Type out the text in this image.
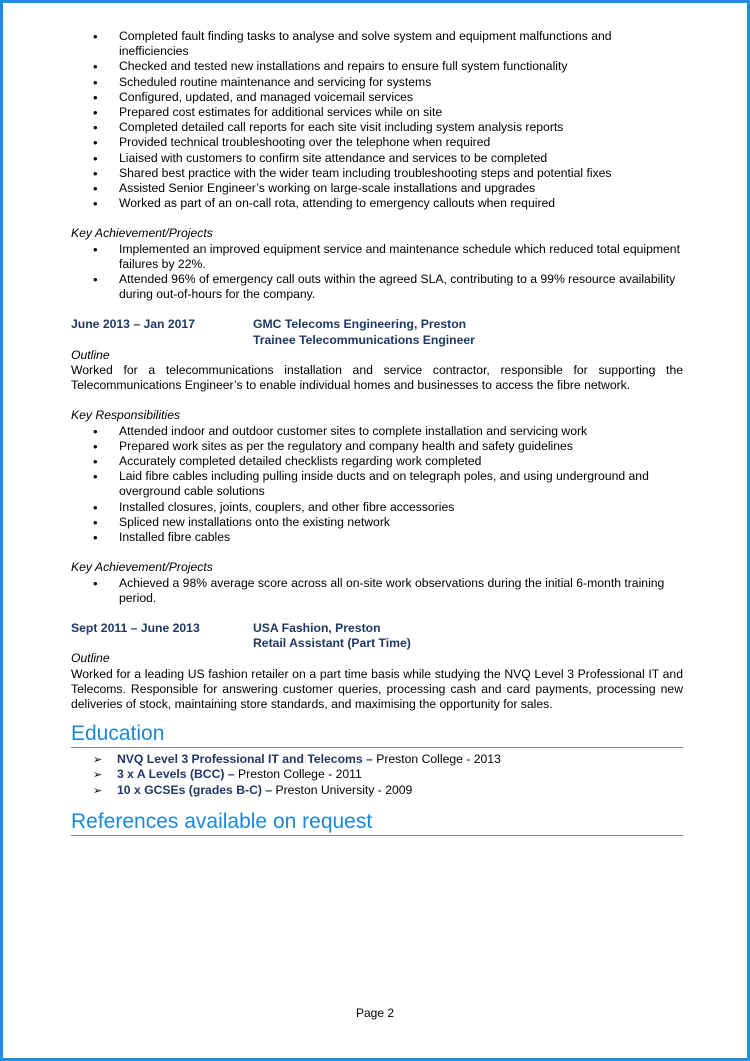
• Completed fault finding tasks to analyse and solve system and equipment malfunctions and inefficiencies
• Checked and tested new installations and repairs to ensure full system functionality
• Scheduled routine maintenance and servicing for systems
• Configured, updated, and managed voicemail services
• Prepared cost estimates for additional services while on site
• Completed detailed call reports for each site visit including system analysis reports
• Provided technical troubleshooting over the telephone when required
• Liaised with customers to confirm site attendance and services to be completed
• Shared best practice with the wider team including troubleshooting steps and potential fixes
• Assisted Senior Engineer’s working on large-scale installations and upgrades
• Worked as part of an on-call rota, attending to emergency callouts when required
Key Achievement/Projects
• Implemented an improved equipment service and maintenance schedule which reduced total equipment failures by 22%.
• Attended 96% of emergency call outs within the agreed SLA, contributing to a 99% resource availability during out-of-hours for the company.
June 2013 – Jan 2017	GMC Telecoms Engineering, Preston
Trainee Telecommunications Engineer
Outline
Worked for a telecommunications installation and service contractor, responsible for supporting the Telecommunications Engineer’s to enable individual homes and businesses to access the fibre network.
Key Responsibilities
• Attended indoor and outdoor customer sites to complete installation and servicing work
• Prepared work sites as per the regulatory and company health and safety guidelines
• Accurately completed detailed checklists regarding work completed
• Laid fibre cables including pulling inside ducts and on telegraph poles, and using underground and overground cable solutions
• Installed closures, joints, couplers, and other fibre accessories
• Spliced new installations onto the existing network
• Installed fibre cables
Key Achievement/Projects
• Achieved a 98% average score across all on-site work observations during the initial 6-month training period.
Sept 2011 – June 2013	USA Fashion, Preston
Retail Assistant (Part Time)
Outline
Worked for a leading US fashion retailer on a part time basis while studying the NVQ Level 3 Professional IT and Telecoms. Responsible for answering customer queries, processing cash and card payments, processing new deliveries of stock, maintaining store standards, and maximising the opportunity for sales.
Education
➢ NVQ Level 3 Professional IT and Telecoms – Preston College - 2013
➢ 3 x A Levels (BCC) – Preston College - 2011
➢ 10 x GCSEs (grades B-C) – Preston University - 2009
References available on request
Page 2
